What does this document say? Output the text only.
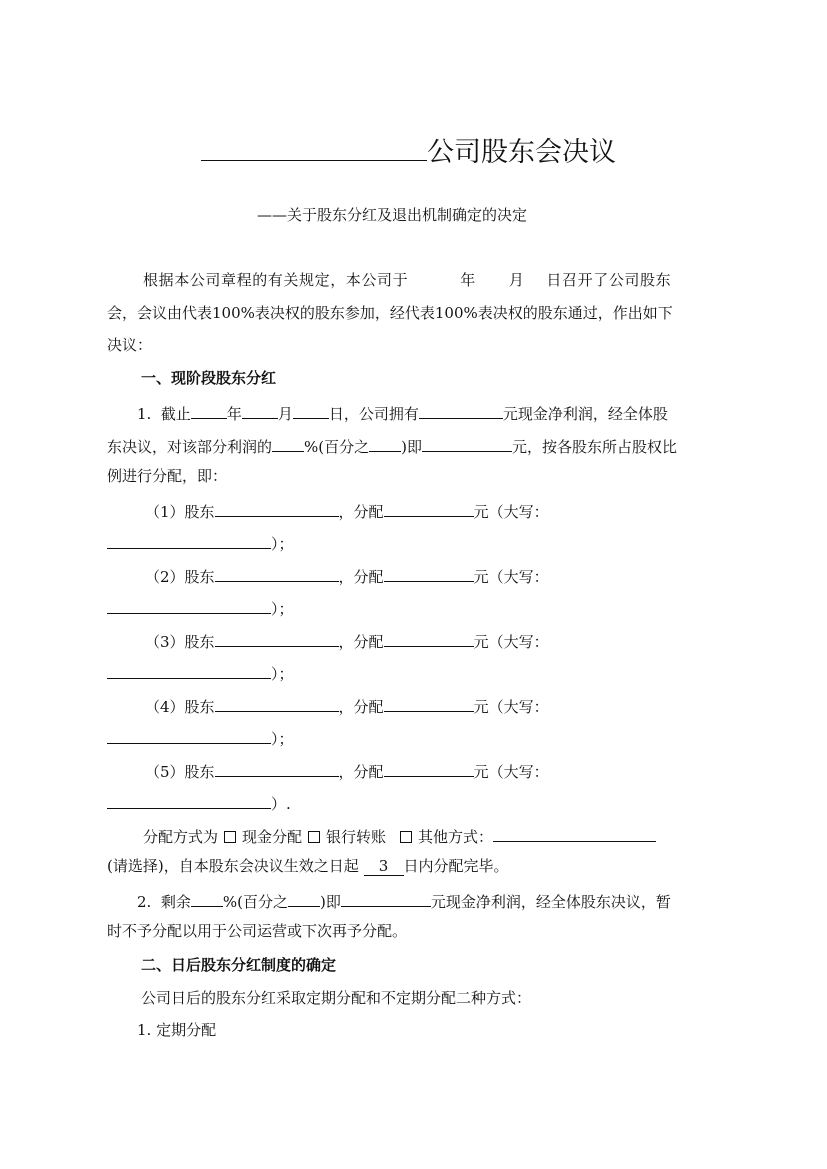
公司股东会决议
——关于股东分红及退出机制确定的决定
根据本公司章程的有关规定，本公司于	年 月 日召开了公司股东
会，会议由代表100%表决权的股东参加，经代表100%表决权的股东通过，作出如下
决议：
一、现阶段股东分红
1. 截止 年 月 日，公司拥有	元现金净利润，经全体股
东决议，对该部分利润的 %(百分之 )即	元，按各股东所占股权比
例进行分配，即：
（1）股东	，分配	元（大写：
）；
（2）股东	，分配	元（大写：
）；
（3）股东	，分配	元（大写：
）；
（4）股东	，分配	元（大写：
）；
（5）股东	，分配	元（大写：
）.
分配方式为 现金分配 银行转账 其他方式：
(请选择)，自本股东会决议生效之日起 3 日内分配完毕。
2. 剩余 %(百分之 )即	元现金净利润，经全体股东决议，暂
时不予分配以用于公司运营或下次再予分配。
二、日后股东分红制度的确定
公司日后的股东分红采取定期分配和不定期分配二种方式：
1. 定期分配
